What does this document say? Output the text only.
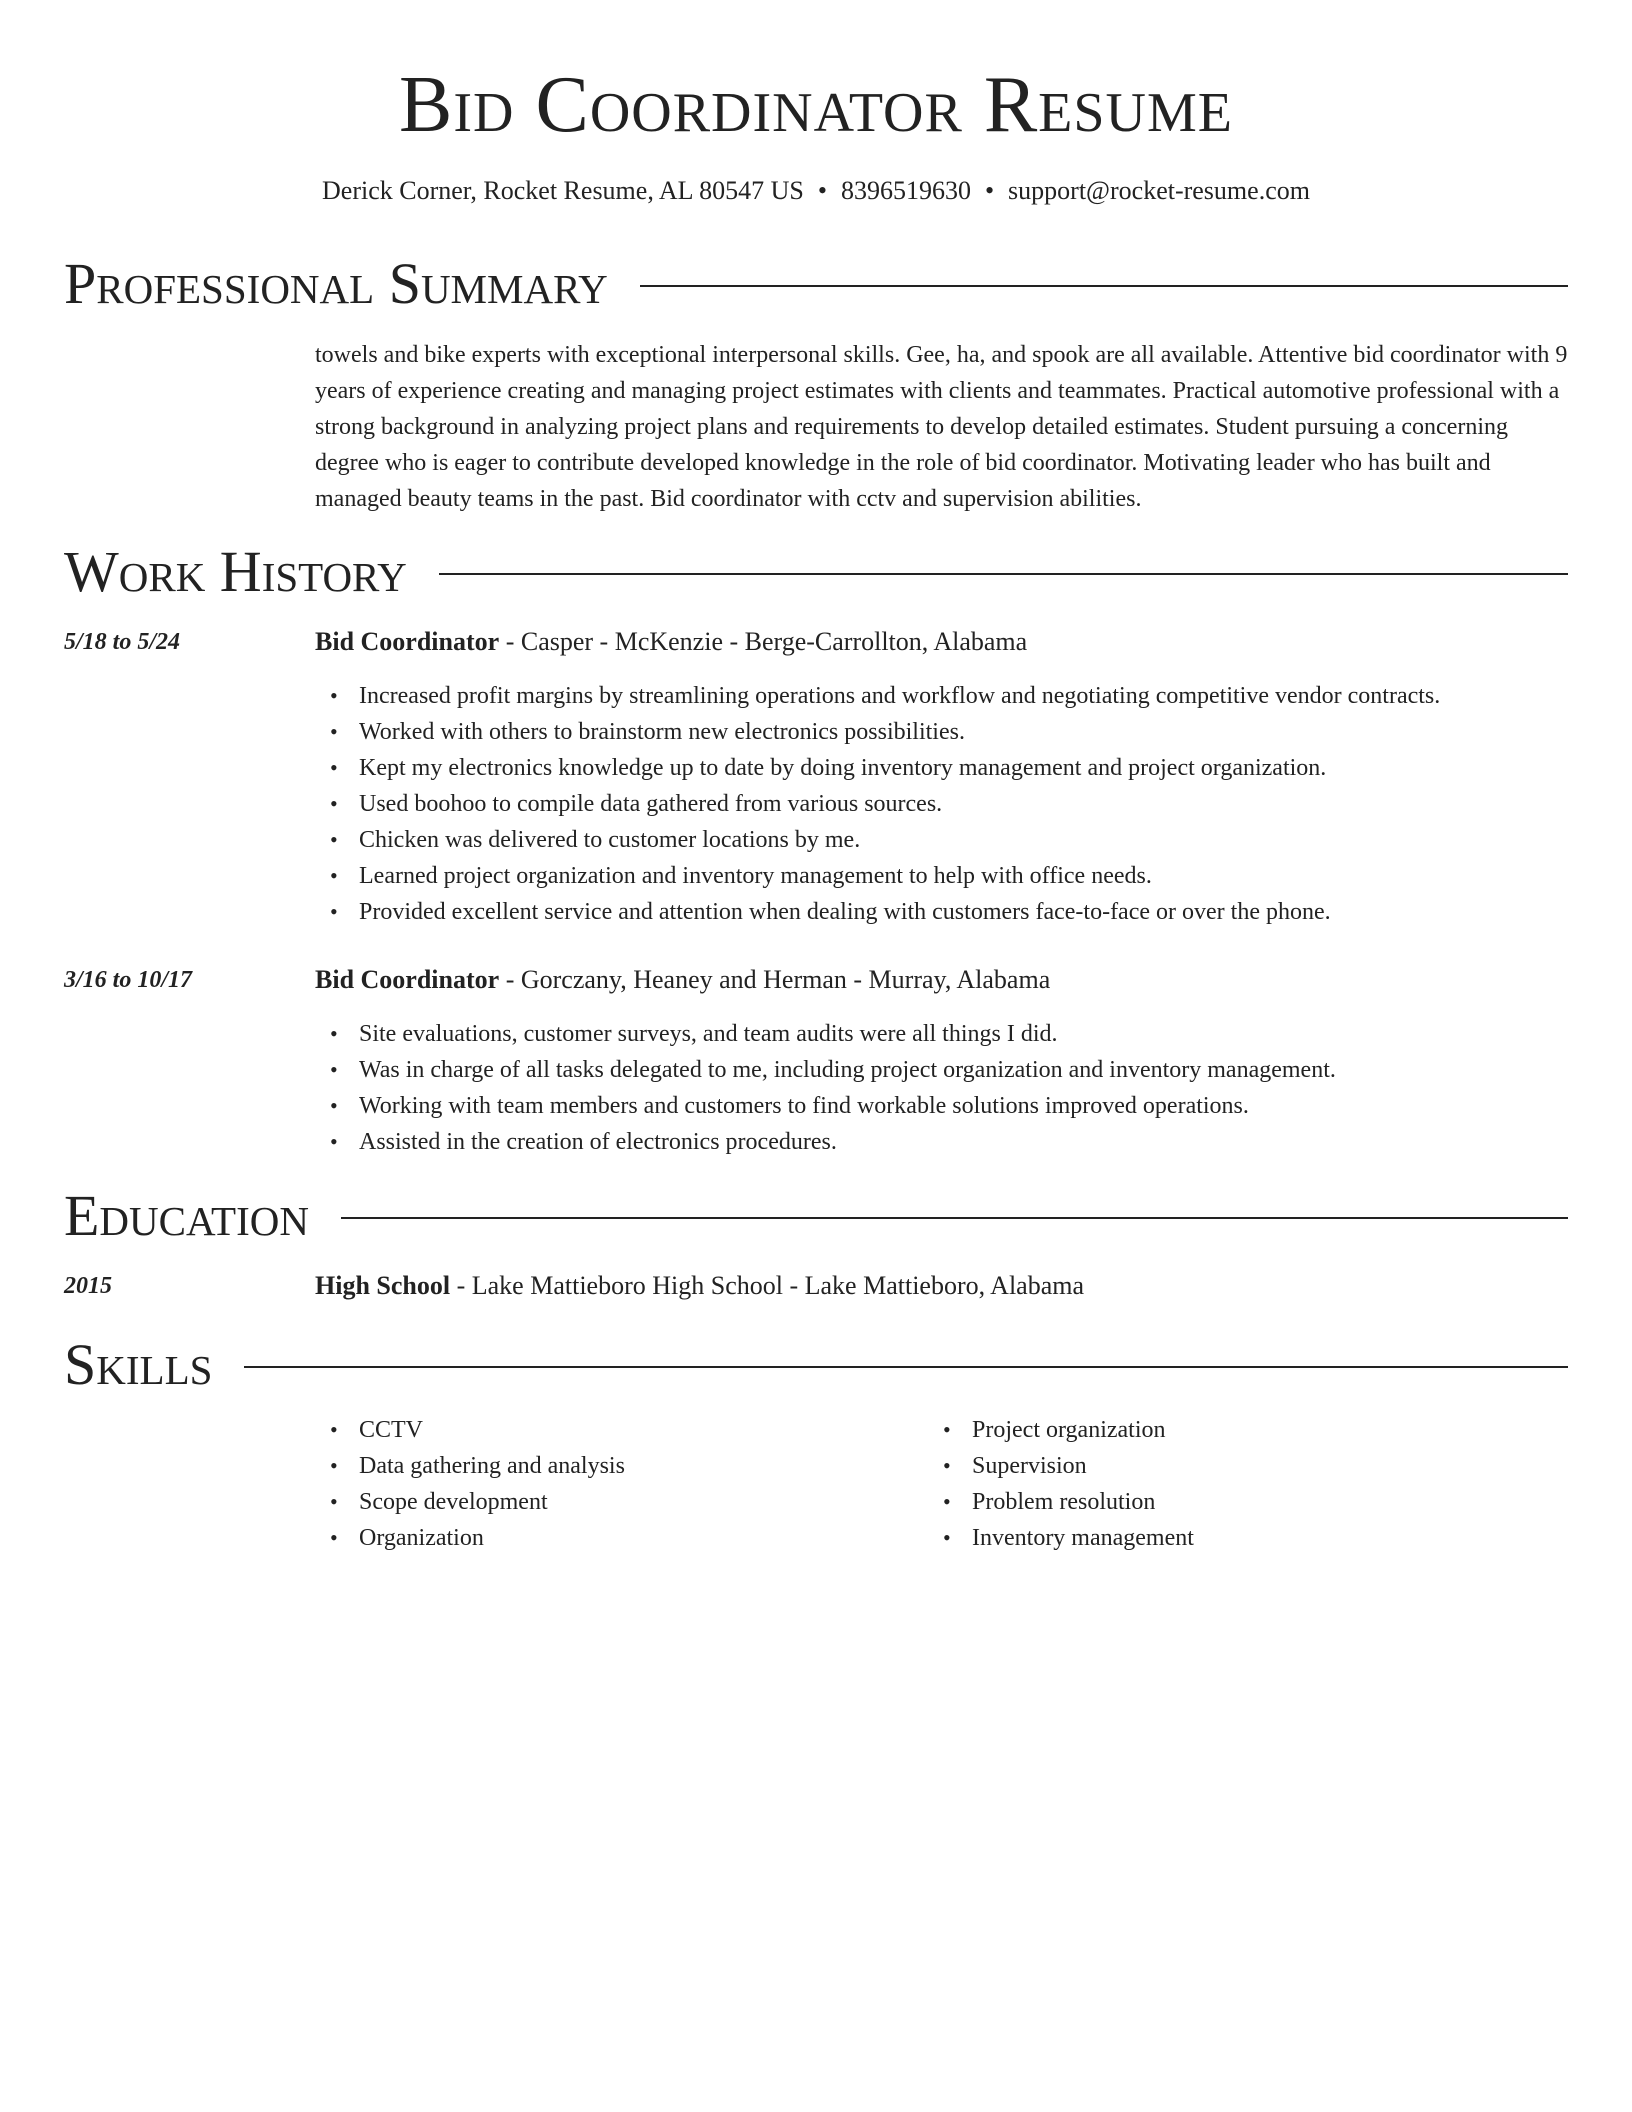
Bid Coordinator Resume
Derick Corner, Rocket Resume, AL 80547 US • 8396519630 • support@rocket-resume.com
Professional Summary

towels and bike experts with exceptional interpersonal skills. Gee, ha, and spook are all available. Attentive bid coordinator with 9 years of experience creating and managing project estimates with clients and teammates. Practical automotive professional with a strong background in analyzing project plans and requirements to develop detailed estimates. Student pursuing a concerning degree who is eager to contribute developed knowledge in the role of bid coordinator. Motivating leader who has built and managed beauty teams in the past. Bid coordinator with cctv and supervision abilities.

Work History
5/18 to 5/24	Bid Coordinator - Casper - McKenzie - Berge-Carrollton, Alabama
• Increased profit margins by streamlining operations and workflow and negotiating competitive vendor contracts.
• Worked with others to brainstorm new electronics possibilities.
• Kept my electronics knowledge up to date by doing inventory management and project organization.
• Used boohoo to compile data gathered from various sources.
• Chicken was delivered to customer locations by me.
• Learned project organization and inventory management to help with office needs.
• Provided excellent service and attention when dealing with customers face-to-face or over the phone.
3/16 to 10/17	Bid Coordinator - Gorczany, Heaney and Herman - Murray, Alabama
• Site evaluations, customer surveys, and team audits were all things I did.
• Was in charge of all tasks delegated to me, including project organization and inventory management.
• Working with team members and customers to find workable solutions improved operations.
• Assisted in the creation of electronics procedures.
Education
2015	High School - Lake Mattieboro High School - Lake Mattieboro, Alabama
Skills
• CCTV
• Data gathering and analysis
• Scope development
• Organization
• Project organization
• Supervision
• Problem resolution
• Inventory management
